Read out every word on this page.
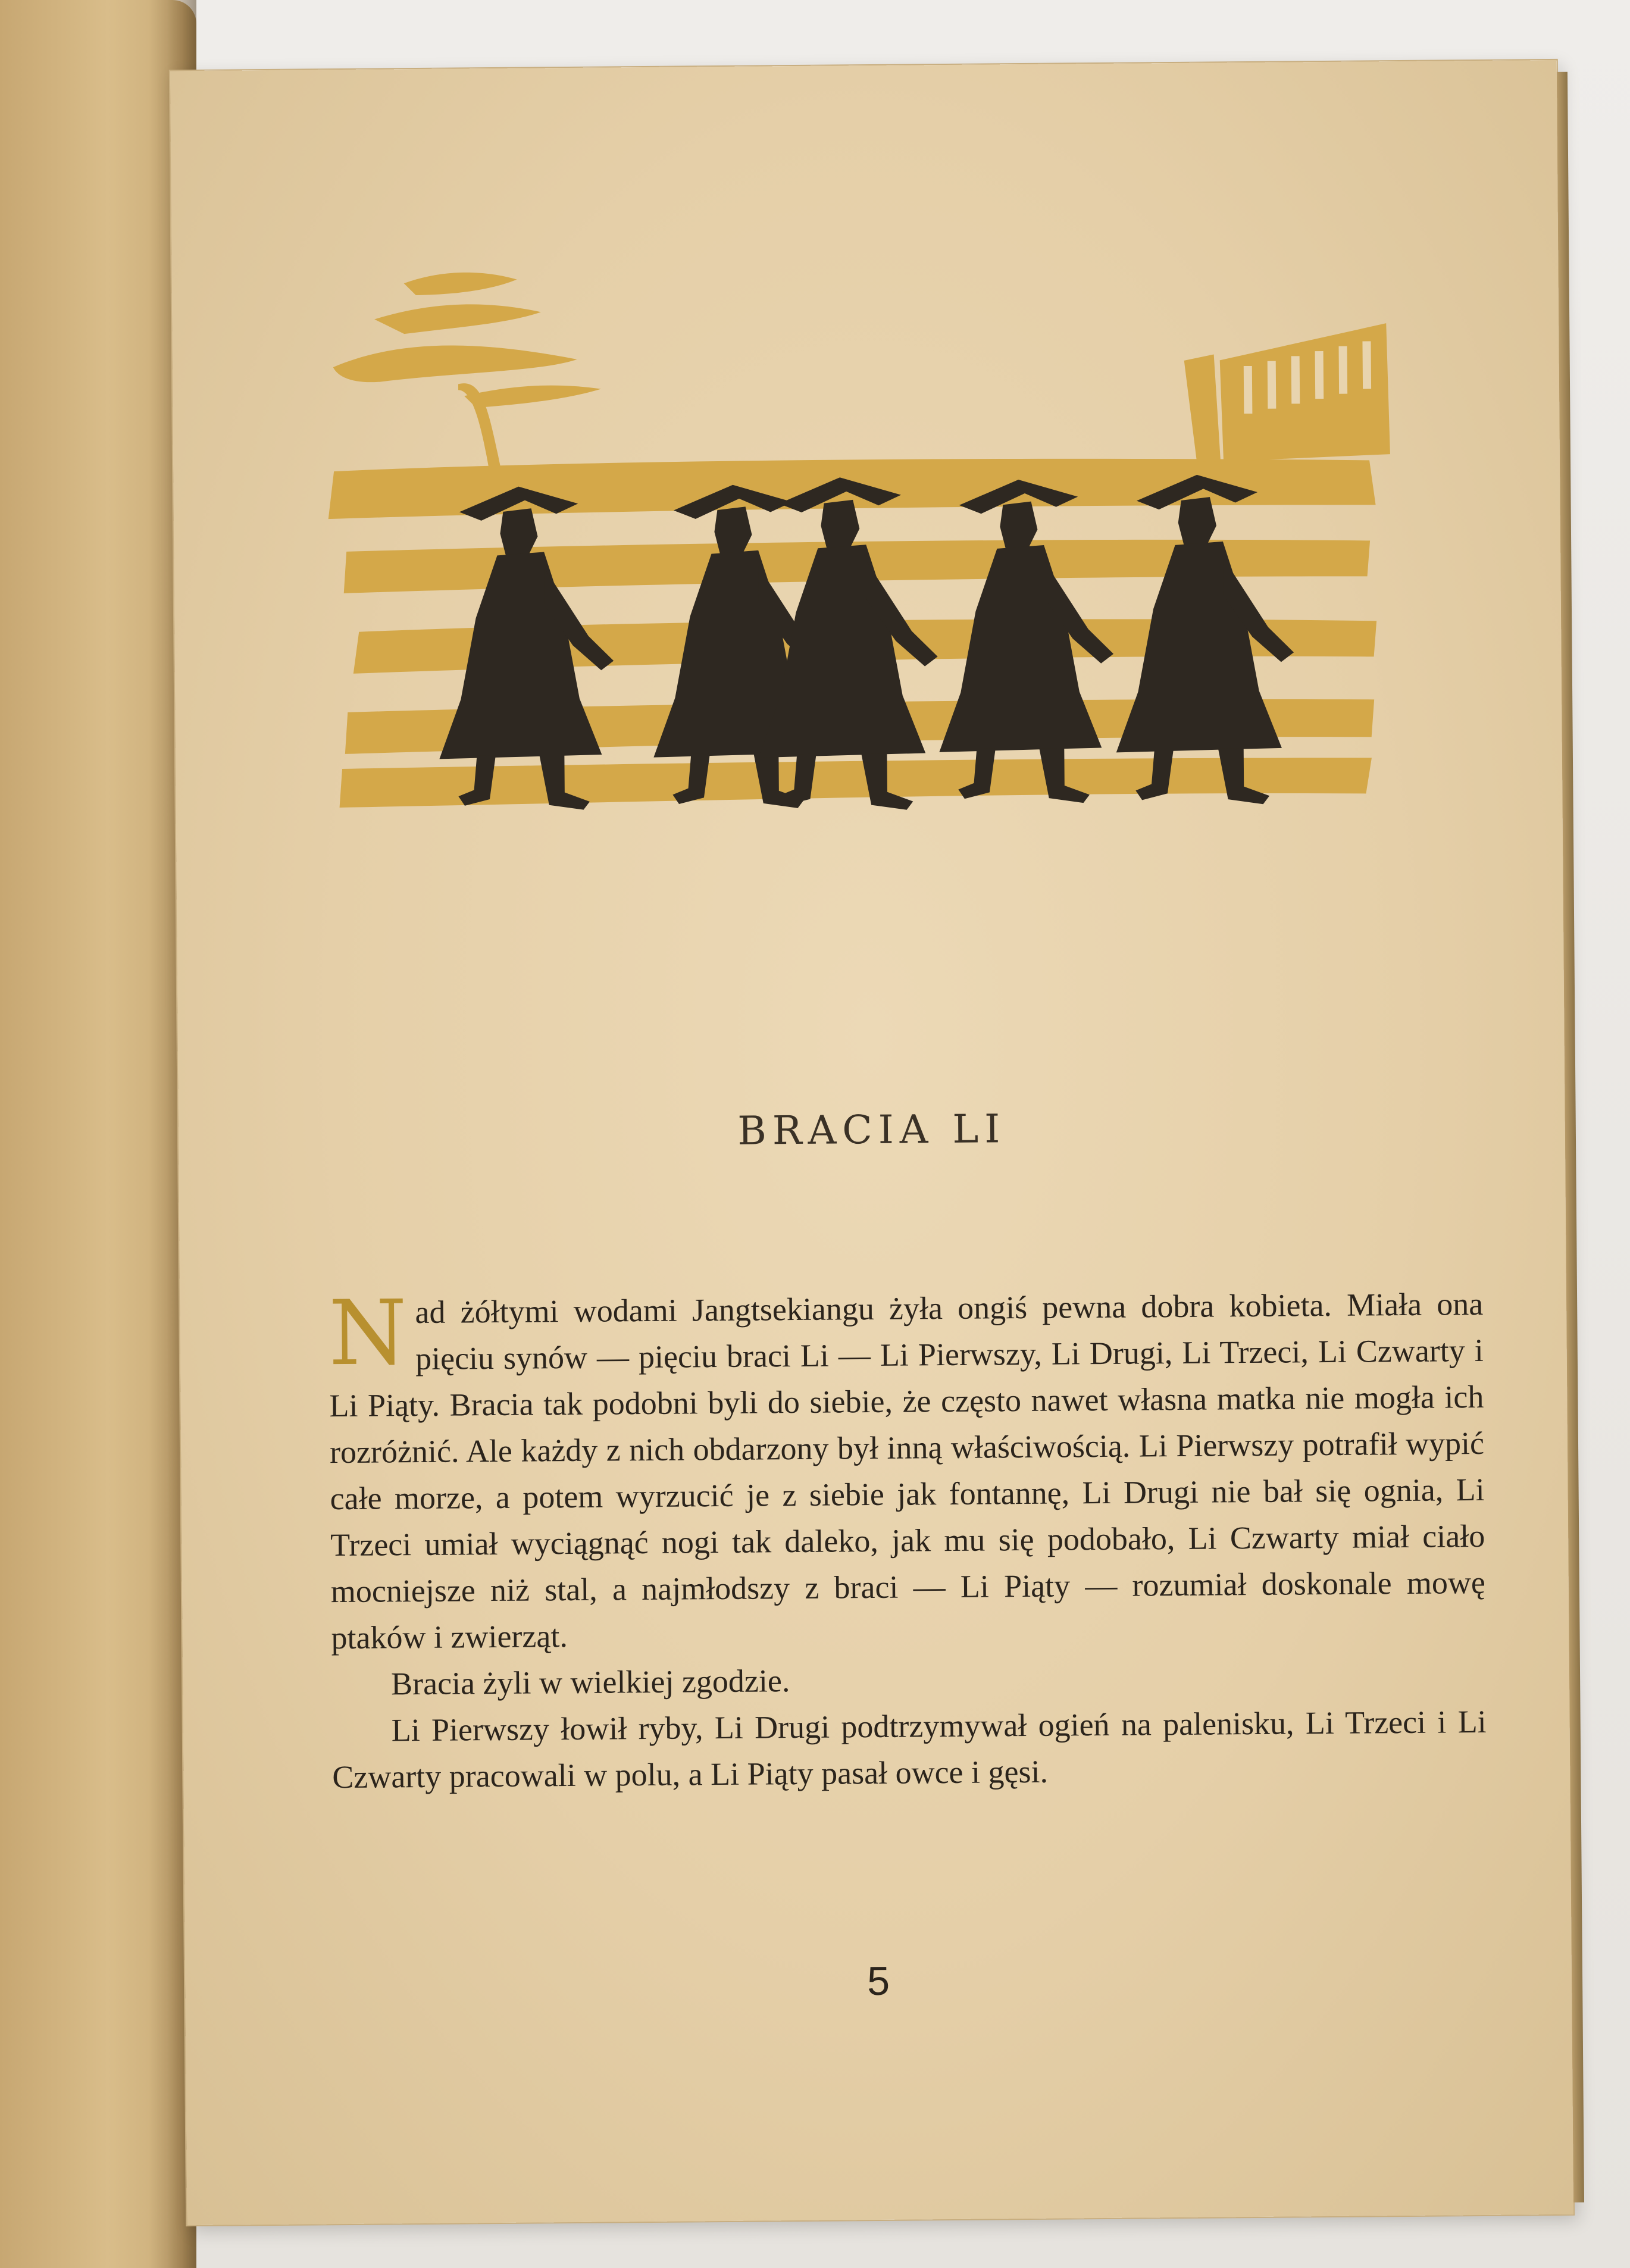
BRACIA LI

Nad żółtymi wodami Jangtsekiangu żyła ongiś pewna dobra kobieta. Miała ona pięciu synów — pięciu braci Li — Li Pierwszy, Li Drugi, Li Trzeci, Li Czwarty i Li Piąty. Bracia tak podobni byli do siebie, że często nawet własna matka nie mogła ich rozróżnić. Ale każdy z nich obdarzony był inną właściwością. Li Pierwszy potrafił wypić całe morze, a potem wyrzucić je z siebie jak fontannę, Li Drugi nie bał się ognia, Li Trzeci umiał wyciągnąć nogi tak daleko, jak mu się podobało, Li Czwarty miał ciało mocniejsze niż stal, a najmłodszy z braci — Li Piąty — rozumiał doskonale mowę ptaków i zwierząt.

Bracia żyli w wielkiej zgodzie.

Li Pierwszy łowił ryby, Li Drugi podtrzymywał ogień na palenisku, Li Trzeci i Li Czwarty pracowali w polu, a Li Piąty pasał owce i gęsi.

5
